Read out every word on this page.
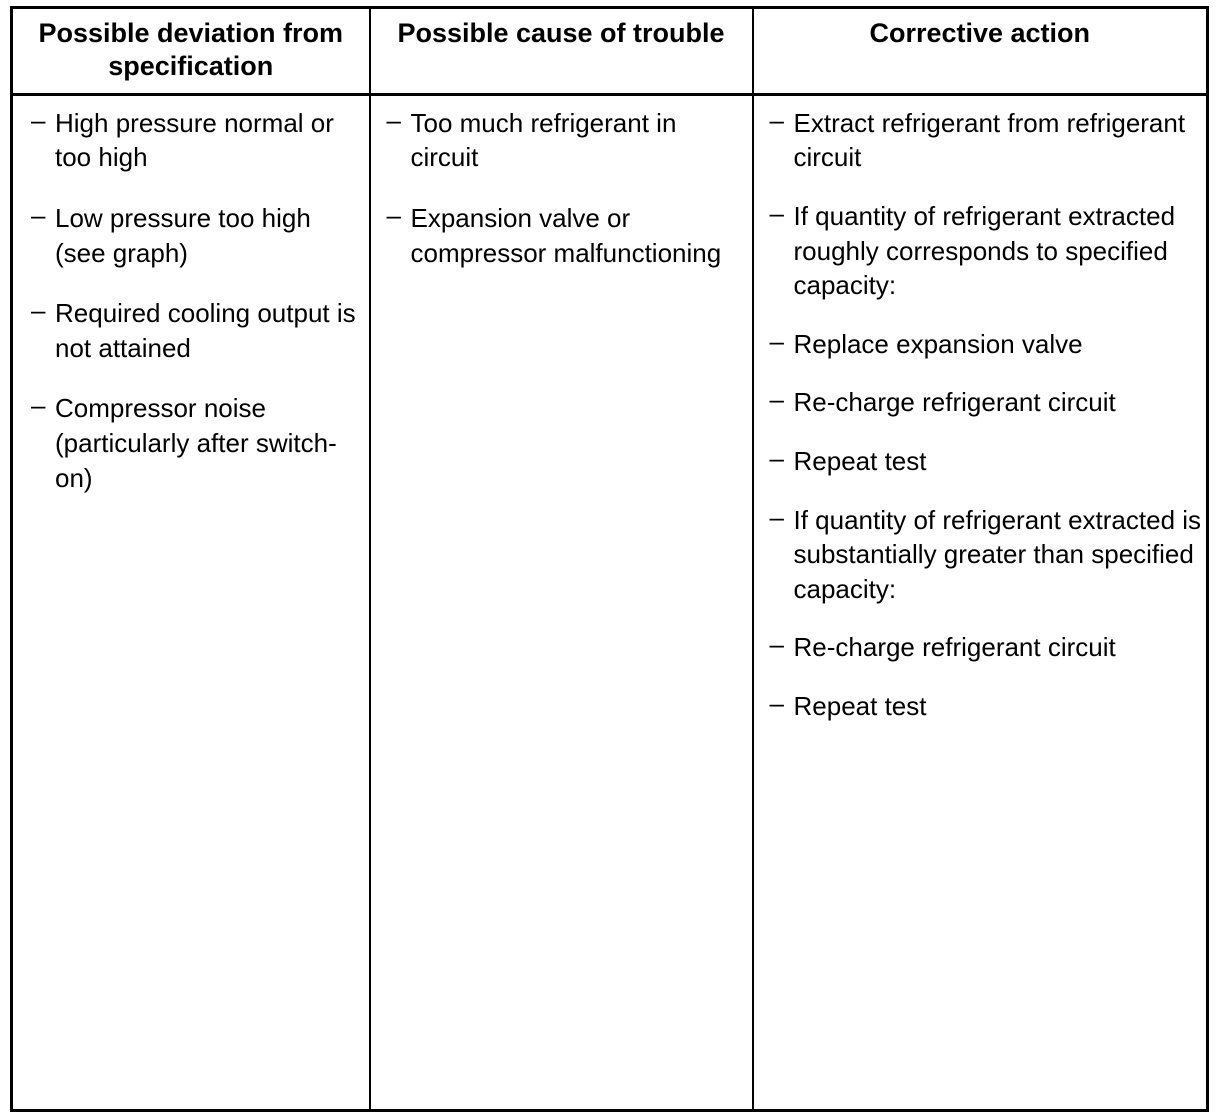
Possible deviation from specification	Possible cause of trouble	Corrective action

– High pressure normal or too high
– Low pressure too high (see graph)
– Required cooling output is not attained
– Compressor noise (particularly after switch-on)

– Too much refrigerant in circuit
– Expansion valve or compressor malfunctioning

– Extract refrigerant from refrigerant circuit
– If quantity of refrigerant extracted roughly corresponds to specified capacity:
– Replace expansion valve
– Re-charge refrigerant circuit
– Repeat test
– If quantity of refrigerant extracted is substantially greater than specified capacity:
– Re-charge refrigerant circuit
– Repeat test
